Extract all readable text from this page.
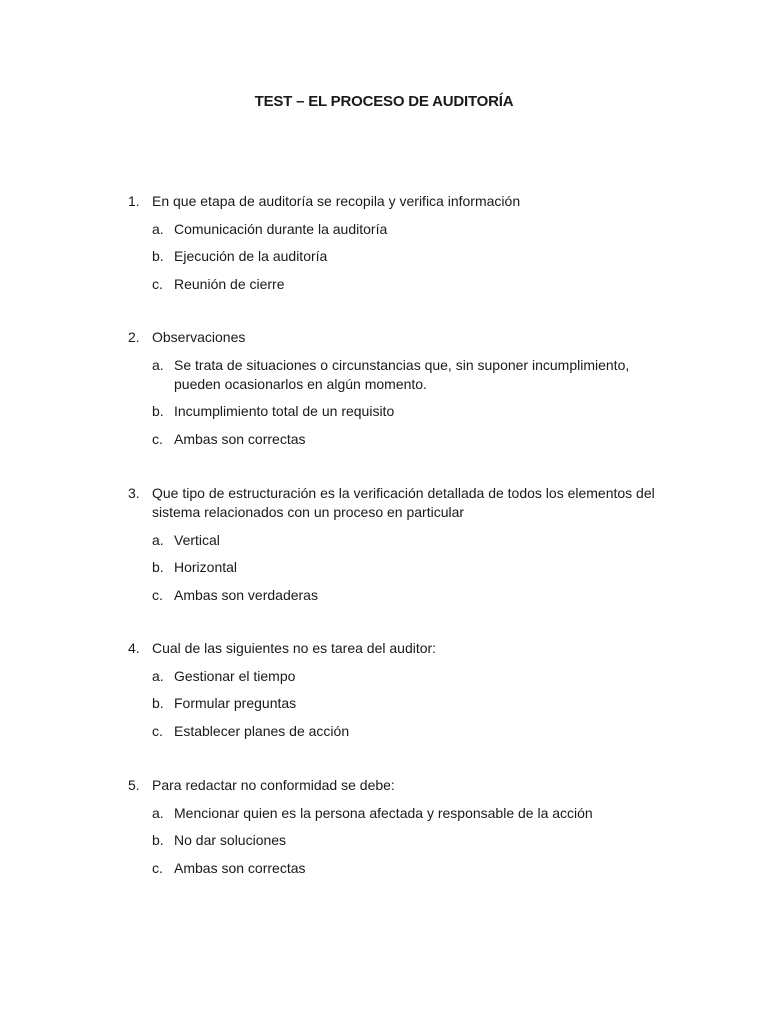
TEST – EL PROCESO DE AUDITORÍA
1. En que etapa de auditoría se recopila y verifica información
a. Comunicación durante la auditoría
b. Ejecución de la auditoría
c. Reunión de cierre
2. Observaciones
a. Se trata de situaciones o circunstancias que, sin suponer incumplimiento, pueden ocasionarlos en algún momento.
b. Incumplimiento total de un requisito
c. Ambas son correctas
3. Que tipo de estructuración es la verificación detallada de todos los elementos del sistema relacionados con un proceso en particular
a. Vertical
b. Horizontal
c. Ambas son verdaderas
4. Cual de las siguientes no es tarea del auditor:
a. Gestionar el tiempo
b. Formular preguntas
c. Establecer planes de acción
5. Para redactar no conformidad se debe:
a. Mencionar quien es la persona afectada y responsable de la acción
b. No dar soluciones
c. Ambas son correctas
